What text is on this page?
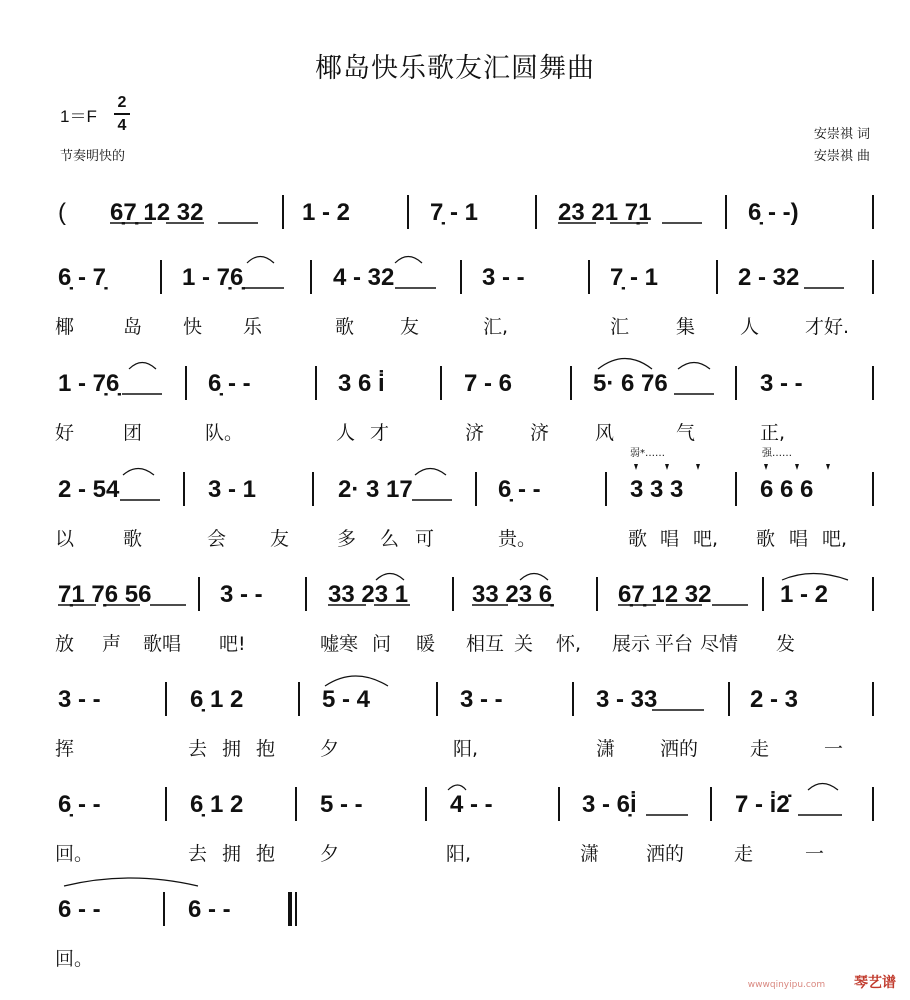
椰岛快乐歌友汇圆舞曲
1＝F
2
4
节奏明快的
安崇祺 词
安崇祺 曲
( 6̣7̣ 12 32	1 - 2	7̣ - 1	23 21 7̣1	6̣ - -)
6̣ - 7̣	1 - 7̣6̣	4 - 32	3 - -	7̣ - 1	2 - 32
椰	岛 快 乐	歌 友	汇,	汇 集 人 才好.
1 - 7̣6̣	6̣ - -	3 6 i̇	7 - 6	5· 6 76	3 - -
好	团	队。	人 才	济 济 风	气	正,
弱*……	强……
2 - 54	3 - 1	2· 3 17	6̣ - -	3 3 3	6 6 6
以	歌	会 友	多 么 可	贵。	歌 唱 吧, 歌 唱 吧,
7̣1 7̣6 56	3 - -	33 23 1	33 23 6̣	6̣7̣ 12 32	1 - 2
放 声 歌唱 吧!	嘘寒 问 暖 相互 关 怀, 展示 平台 尽情 发
3 - -	6̣ 1 2	5 - 4	3 - -	3 - 33	2 - 3
挥	去 拥 抱 夕	阳,	潇 洒的	走	一
6̣ - -	6̣ 1 2	5 - -	4 - -	3 - 6̣i̇	7 - i̇2̇
回。	去 拥 抱 夕	阳,	潇 洒的	走	一
6 - -	6 - -
回。
wwwqinyipu.com 琴艺谱
